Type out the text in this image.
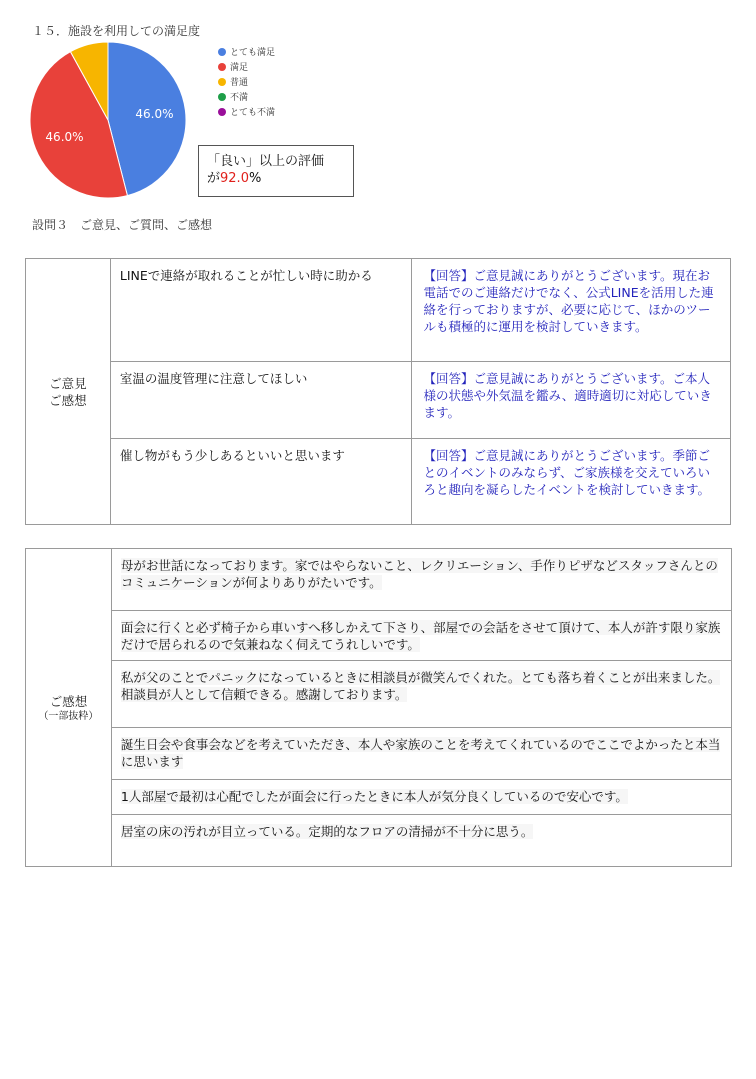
１５．施設を利用しての満足度
46.0%
46.0%
とても満足
満足
普通
不満
とても不満
「良い」以上の評価
が92.0%
設問３　ご意見、ご質問、ご感想
ご意見
ご感想	LINEで連絡が取れることが忙しい時に助かる	【回答】ご意見誠にありがとうございます。現在お電話でのご連絡だけでなく、公式LINEを活用した連絡を行っておりますが、必要に応じて、ほかのツールも積極的に運用を検討していきます。
	室温の温度管理に注意してほしい	【回答】ご意見誠にありがとうございます。ご本人様の状態や外気温を鑑み、適時適切に対応していきます。
	催し物がもう少しあるといいと思います	【回答】ご意見誠にありがとうございます。季節ごとのイベントのみならず、ご家族様を交えていろいろと趣向を凝らしたイベントを検討していきます。
ご感想
（一部抜粋）
	母がお世話になっております。家ではやらないこと、レクリエーション、手作りピザなどスタッフさんとのコミュニケーションが何よりありがたいです。
面会に行くと必ず椅子から車いすへ移しかえて下さり、部屋での会話をさせて頂けて、本人が許す限り家族だけで居られるので気兼ねなく伺えてうれしいです。
私が父のことでパニックになっているときに相談員が微笑んでくれた。とても落ち着くことが出来ました。相談員が人として信頼できる。感謝しております。
誕生日会や食事会などを考えていただき、本人や家族のことを考えてくれているのでここでよかったと本当に思います
1人部屋で最初は心配でしたが面会に行ったときに本人が気分良くしているので安心です。
居室の床の汚れが目立っている。定期的なフロアの清掃が不十分に思う。
